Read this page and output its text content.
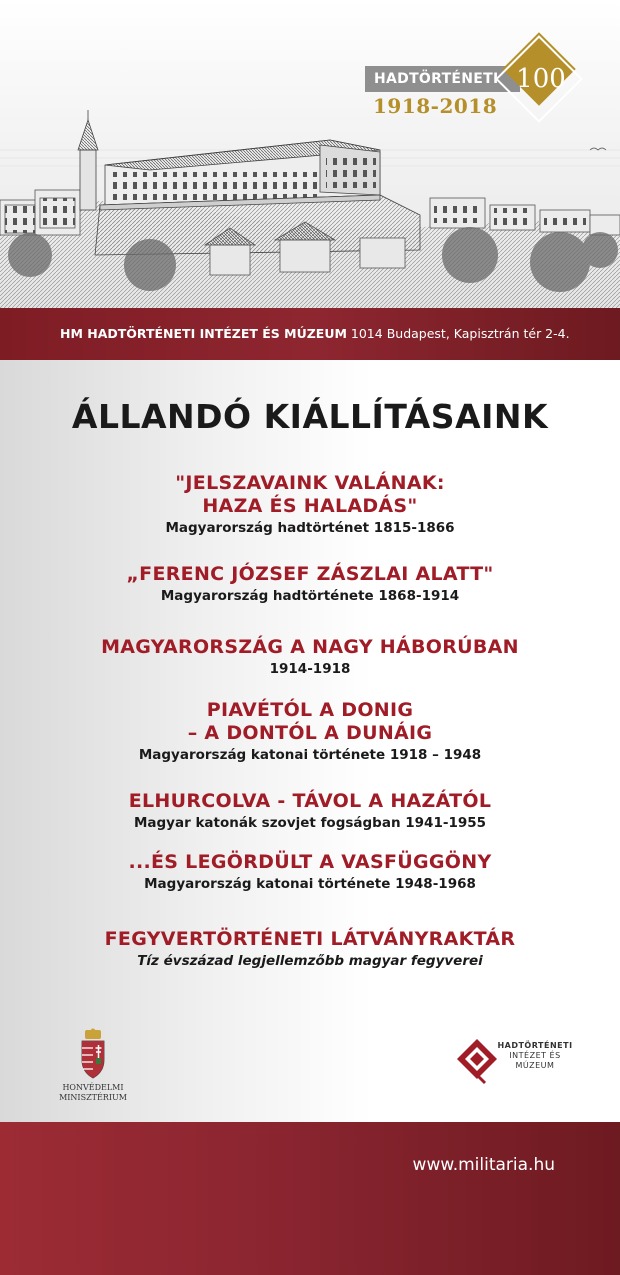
HADTÖRTÉNETI 100
1918-2018

HM HADTÖRTÉNETI INTÉZET ÉS MÚZEUM 1014 Budapest, Kapisztrán tér 2-4.

ÁLLANDÓ KIÁLLÍTÁSAINK
"JELSZAVAINK VALÁNAK:
HAZA ÉS HALADÁS"
Magyarország hadtörténet 1815-1866
„FERENC JÓZSEF ZÁSZLAI ALATT"
Magyarország hadtörténete 1868-1914
MAGYARORSZÁG A NAGY HÁBORÚBAN
1914-1918
PIAVÉTÓL A DONIG
– A DONTÓL A DUNÁIG
Magyarország katonai története 1918 – 1948
ELHURCOLVA - TÁVOL A HAZÁTÓL
Magyar katonák szovjet fogságban 1941-1955
...ÉS LEGÖRDÜLT A VASFÜGGÖNY
Magyarország katonai története 1948-1968
FEGYVERTÖRTÉNETI LÁTVÁNYRAKTÁR
Tíz évszázad legjellemzőbb magyar fegyverei
HONVÉDELMI
MINISZTÉRIUM
HADTÖRTÉNETI
INTÉZET ÉS
MÚZEUM
www.militaria.hu
